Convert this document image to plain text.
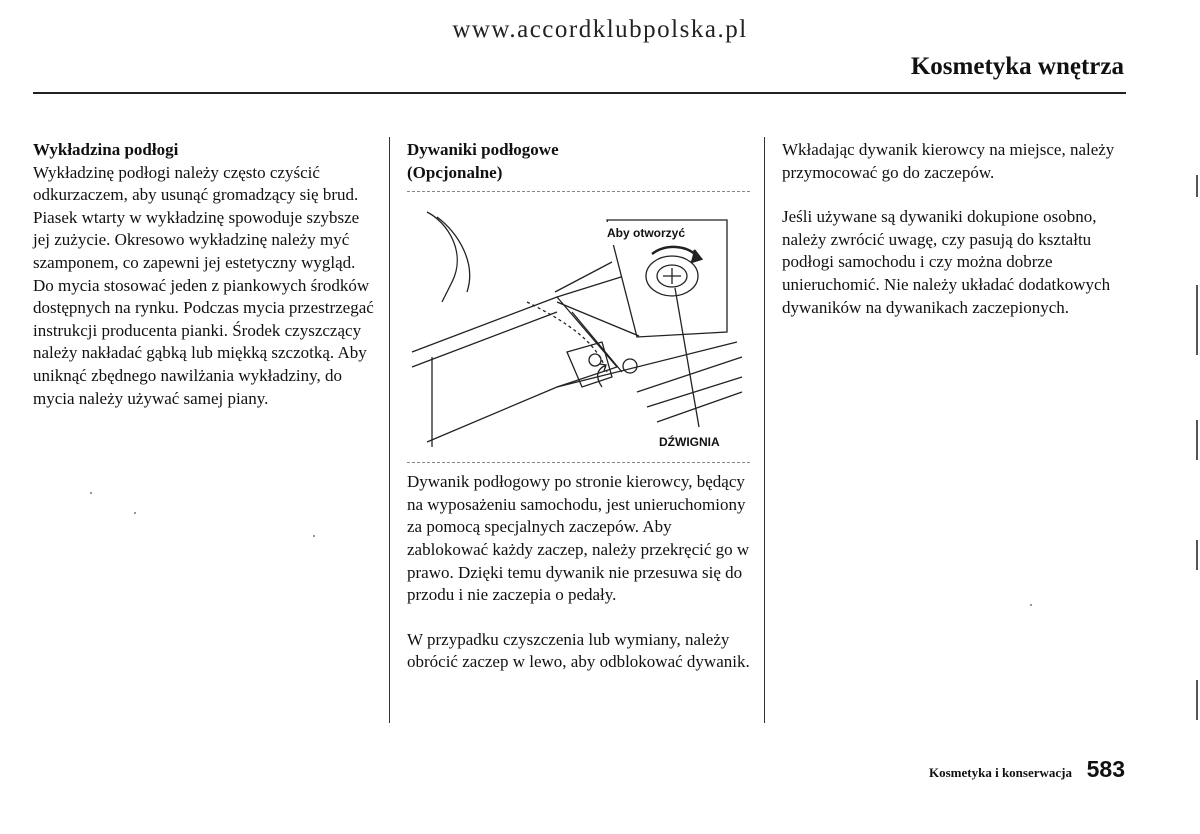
www.accordklubpolska.pl
Kosmetyka wnętrza
Wykładzina podłogi

Wykładzinę podłogi należy często czyścić odkurzaczem, aby usunąć gromadzący się brud. Piasek wtarty w wykładzinę spowoduje szybsze jej zużycie. Okresowo wykładzinę należy myć szamponem, co zapewni jej estetyczny wygląd. Do mycia stosować jeden z piankowych środków dostępnych na rynku. Podczas mycia przestrzegać instrukcji producenta pianki. Środek czyszczący należy nakładać gąbką lub miękką szczotką. Aby uniknąć zbędnego nawilżania wykładziny, do mycia należy używać samej piany.

Dywaniki podłogowe
(Opcjonalne)
Aby otworzyć
DŹWIGNIA

Dywanik podłogowy po stronie kierowcy, będący na wyposażeniu samochodu, jest unieruchomiony za pomocą specjalnych zaczepów. Aby zablokować każdy zaczep, należy przekręcić go w prawo. Dzięki temu dywanik nie przesuwa się do przodu i nie zaczepia o pedały.

W przypadku czyszczenia lub wymiany, należy obrócić zaczep w lewo, aby odblokować dywanik.

Wkładając dywanik kierowcy na miejsce, należy przymocować go do zaczepów.

Jeśli używane są dywaniki dokupione osobno, należy zwrócić uwagę, czy pasują do kształtu podłogi samochodu i czy można dobrze unieruchomić. Nie należy układać dodatkowych dywaników na dywanikach zaczepionych.

Kosmetyka i konserwacja 583
